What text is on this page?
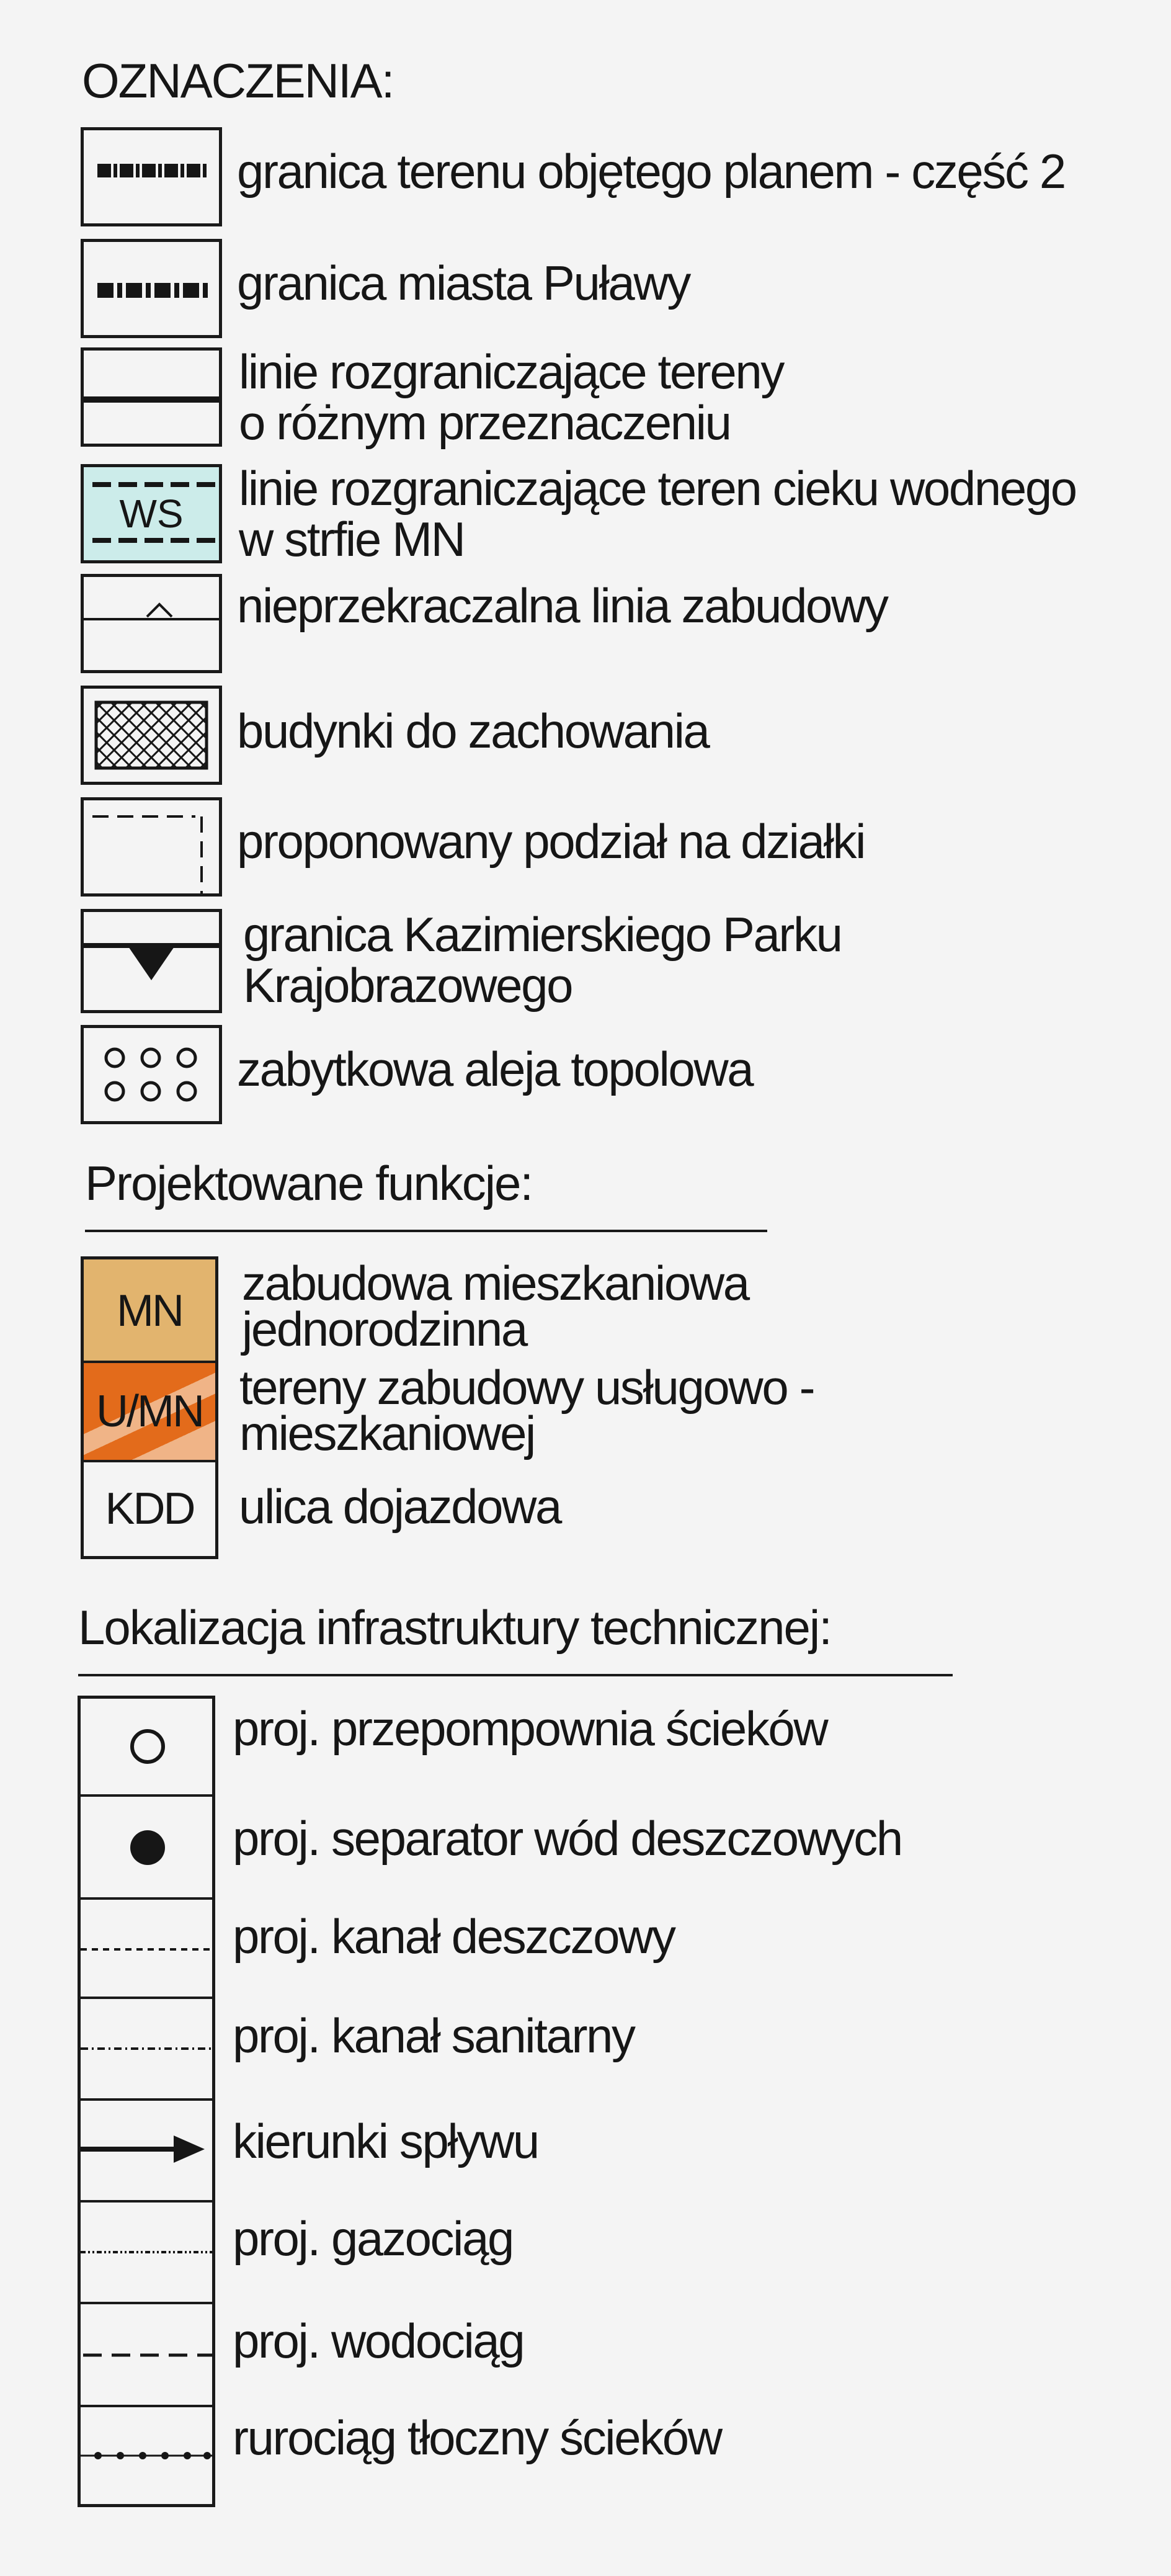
OZNACZENIA:
granica terenu objętego planem - część 2
granica miasta Puławy
linie rozgraniczające tereny
o różnym przeznaczeniu
WS	linie rozgraniczające teren cieku wodnego
w strfie MN
nieprzekraczalna linia zabudowy
budynki do zachowania
proponowany podział na działki
granica Kazimierskiego Parku
Krajobrazowego
zabytkowa aleja topolowa
Projektowane funkcje:
MN
zabudowa mieszkaniowa
jednorodzinna
U/MN tereny zabudowy usługowo -
mieszkaniowej
KDD ulica dojazdowa
Lokalizacja infrastruktury technicznej:
proj. przepompownia ścieków
proj. separator wód deszczowych
proj. kanał deszczowy
proj. kanał sanitarny
kierunki spływu
proj. gazociąg
proj. wodociąg
rurociąg tłoczny ścieków
